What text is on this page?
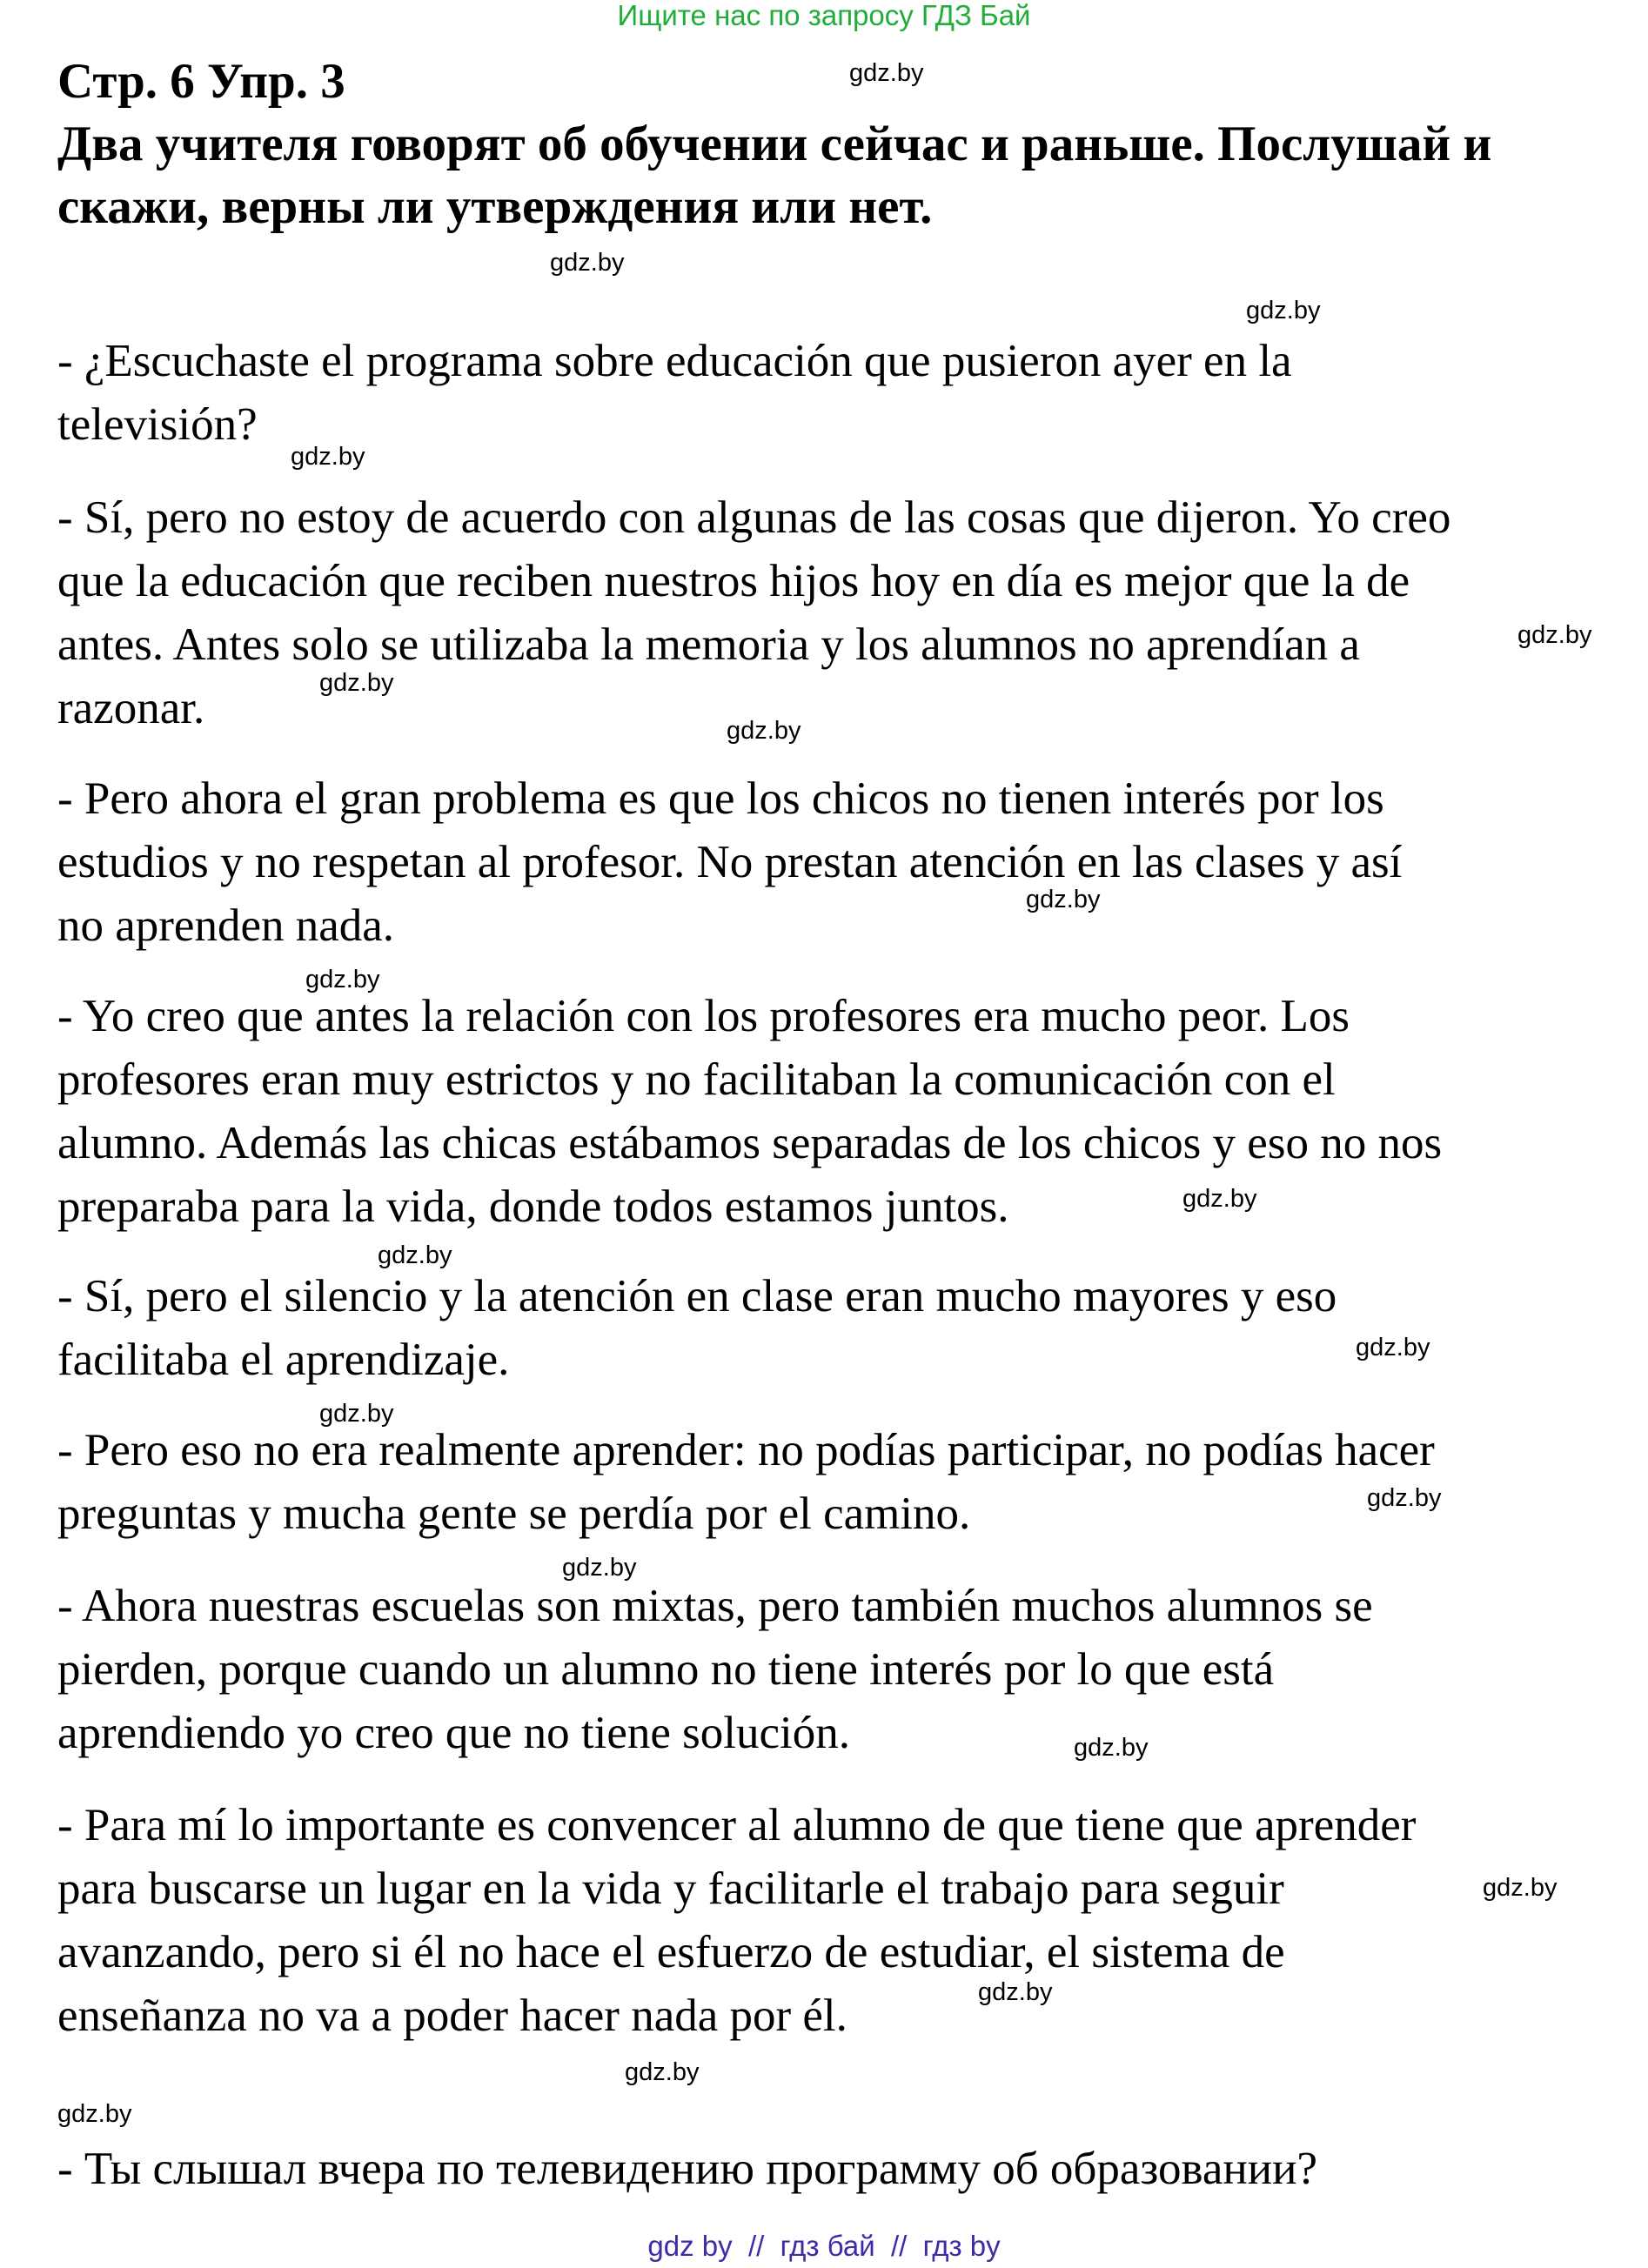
Ищите нас по запросу ГДЗ Бай
Стр. 6 Упр. 3
Два учителя говорят об обучении сейчас и раньше. Послушай и
скажи, верны ли утверждения или нет.
- ¿Escuchaste el programa sobre educación que pusieron ayer en la
televisión?
- Sí, pero no estoy de acuerdo con algunas de las cosas que dijeron. Yo creo
que la educación que reciben nuestros hijos hoy en día es mejor que la de
antes. Antes solo se utilizaba la memoria y los alumnos no aprendían a
razonar.
- Pero ahora el gran problema es que los chicos no tienen interés por los
estudios y no respetan al profesor. No prestan atención en las clases y así
no aprenden nada.
- Yo creo que antes la relación con los profesores era mucho peor. Los
profesores eran muy estrictos y no facilitaban la comunicación con el
alumno. Además las chicas estábamos separadas de los chicos y eso no nos
preparaba para la vida, donde todos estamos juntos.
- Sí, pero el silencio y la atención en clase eran mucho mayores y eso
facilitaba el aprendizaje.
- Pero eso no era realmente aprender: no podías participar, no podías hacer
preguntas y mucha gente se perdía por el camino.
- Ahora nuestras escuelas son mixtas, pero también muchos alumnos se
pierden, porque cuando un alumno no tiene interés por lo que está
aprendiendo yo creo que no tiene solución.
- Para mí lo importante es convencer al alumno de que tiene que aprender
para buscarse un lugar en la vida y facilitarle el trabajo para seguir
avanzando, pero si él no hace el esfuerzo de estudiar, el sistema de
enseñanza no va a poder hacer nada por él.
- Ты слышал вчера по телевидению программу об образовании?
gdz.by
gdz.by
gdz.by
gdz.by
gdz.by
gdz.by
gdz.by
gdz.by
gdz.by
gdz.by
gdz.by
gdz.by
gdz.by
gdz.by
gdz.by
gdz.by
gdz.by
gdz.by
gdz.by
gdz.by
gdz by  //  гдз бай  //  гдз by
